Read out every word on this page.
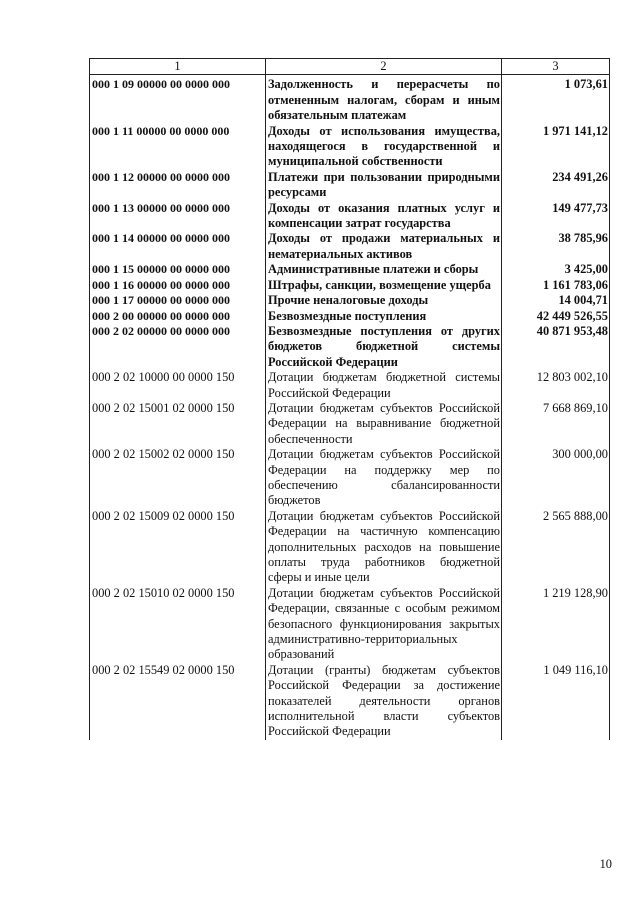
1	2	3

000 1 09 00000 00 0000 000	Задолженность и перерасчеты по отмененным налогам, сборам и иным обязательным платежам	1 073,61
000 1 11 00000 00 0000 000	Доходы от использования имущества, находящегося в государственной и муниципальной собственности	1 971 141,12
000 1 12 00000 00 0000 000	Платежи при пользовании природными ресурсами	234 491,26
000 1 13 00000 00 0000 000	Доходы от оказания платных услуг и компенсации затрат государства	149 477,73
000 1 14 00000 00 0000 000	Доходы от продажи материальных и нематериальных активов	38 785,96
000 1 15 00000 00 0000 000	Административные платежи и сборы	3 425,00
000 1 16 00000 00 0000 000	Штрафы, санкции, возмещение ущерба	1 161 783,06
000 1 17 00000 00 0000 000	Прочие неналоговые доходы	14 004,71
000 2 00 00000 00 0000 000	Безвозмездные поступления	42 449 526,55
000 2 02 00000 00 0000 000	Безвозмездные поступления от других бюджетов бюджетной системы Российской Федерации	40 871 953,48
000 2 02 10000 00 0000 150	Дотации бюджетам бюджетной системы Российской Федерации	12 803 002,10
000 2 02 15001 02 0000 150	Дотации бюджетам субъектов Российской Федерации на выравнивание бюджетной обеспеченности	7 668 869,10
000 2 02 15002 02 0000 150	Дотации бюджетам субъектов Российской Федерации на поддержку мер по обеспечению сбалансированности бюджетов	300 000,00
000 2 02 15009 02 0000 150	Дотации бюджетам субъектов Российской Федерации на частичную компенсацию дополнительных расходов на повышение оплаты труда работников бюджетной сферы и иные цели	2 565 888,00
000 2 02 15010 02 0000 150	Дотации бюджетам субъектов Российской Федерации, связанные с особым режимом безопасного функционирования закрытых административно-территориальных образований	1 219 128,90
000 2 02 15549 02 0000 150	Дотации (гранты) бюджетам субъектов Российской Федерации за достижение показателей деятельности органов исполнительной власти субъектов Российской Федерации	1 049 116,10
10
